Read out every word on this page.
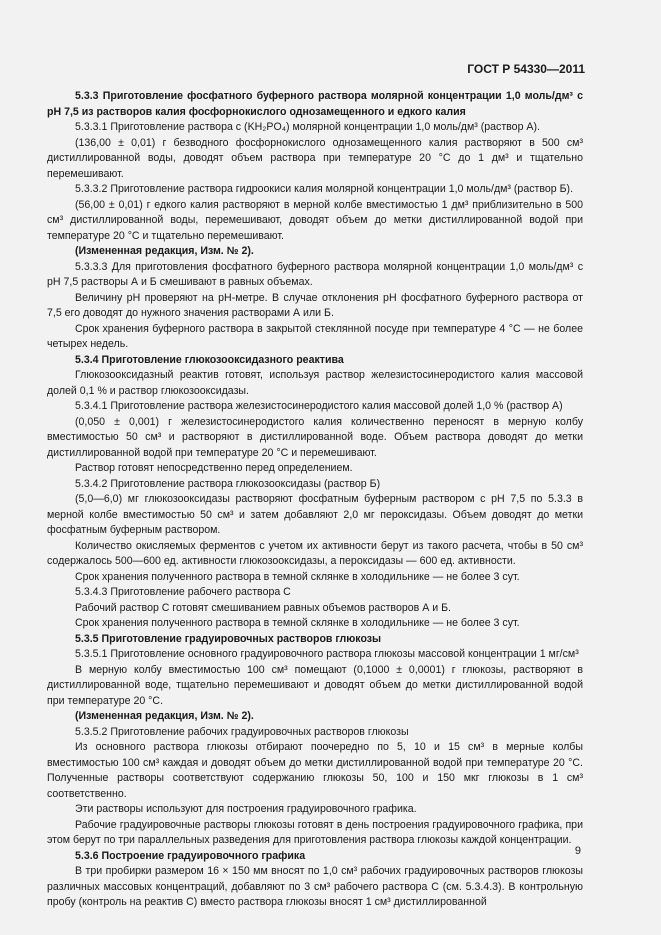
ГОСТ Р 54330—2011

5.3.3 Приготовление фосфатного буферного раствора молярной концентрации 1,0 моль/дм³ с pH 7,5 из растворов калия фосфорнокислого однозамещенного и едкого калия

5.3.3.1 Приготовление раствора с (KH₂PO₄) молярной концентрации 1,0 моль/дм³ (раствор А).

(136,00 ± 0,01) г безводного фосфорнокислого однозамещенного калия растворяют в 500 см³ дистиллированной воды, доводят объем раствора при температуре 20 °С до 1 дм³ и тщательно перемешивают.

5.3.3.2 Приготовление раствора гидроокиси калия молярной концентрации 1,0 моль/дм³ (раствор Б).

(56,00 ± 0,01) г едкого калия растворяют в мерной колбе вместимостью 1 дм³ приблизительно в 500 см³ дистиллированной воды, перемешивают, доводят объем до метки дистиллированной водой при температуре 20 °С и тщательно перемешивают.

(Измененная редакция, Изм. № 2).

5.3.3.3 Для приготовления фосфатного буферного раствора молярной концентрации 1,0 моль/дм³ с pH 7,5 растворы А и Б смешивают в равных объемах.

Величину pH проверяют на pH-метре. В случае отклонения pH фосфатного буферного раствора от 7,5 его доводят до нужного значения растворами А или Б.

Срок хранения буферного раствора в закрытой стеклянной посуде при температуре 4 °С — не более четырех недель.

5.3.4 Приготовление глюкозооксидазного реактива

Глюкозооксидазный реактив готовят, используя раствор железистосинеродистого калия массовой долей 0,1 % и раствор глюкозооксидазы.

5.3.4.1 Приготовление раствора железистосинеродистого калия массовой долей 1,0 % (раствор А)

(0,050 ± 0,001) г железистосинеродистого калия количественно переносят в мерную колбу вместимостью 50 см³ и растворяют в дистиллированной воде. Объем раствора доводят до метки дистиллированной водой при температуре 20 °С и перемешивают.

Раствор готовят непосредственно перед определением.

5.3.4.2 Приготовление раствора глюкозооксидазы (раствор Б)

(5,0—6,0) мг глюкозооксидазы растворяют фосфатным буферным раствором с pH 7,5 по 5.3.3 в мерной колбе вместимостью 50 см³ и затем добавляют 2,0 мг пероксидазы. Объем доводят до метки фосфатным буферным раствором.

Количество окисляемых ферментов с учетом их активности берут из такого расчета, чтобы в 50 см³ содержалось 500—600 ед. активности глюкозооксидазы, а пероксидазы — 600 ед. активности.

Срок хранения полученного раствора в темной склянке в холодильнике — не более 3 сут.

5.3.4.3 Приготовление рабочего раствора С

Рабочий раствор С готовят смешиванием равных объемов растворов А и Б.

Срок хранения полученного раствора в темной склянке в холодильнике — не более 3 сут.

5.3.5 Приготовление градуировочных растворов глюкозы

5.3.5.1 Приготовление основного градуировочного раствора глюкозы массовой концентрации 1 мг/см³

В мерную колбу вместимостью 100 см³ помещают (0,1000 ± 0,0001) г глюкозы, растворяют в дистиллированной воде, тщательно перемешивают и доводят объем до метки дистиллированной водой при температуре 20 °С.

(Измененная редакция, Изм. № 2).

5.3.5.2 Приготовление рабочих градуировочных растворов глюкозы

Из основного раствора глюкозы отбирают поочередно по 5, 10 и 15 см³ в мерные колбы вместимостью 100 см³ каждая и доводят объем до метки дистиллированной водой при температуре 20 °С. Полученные растворы соответствуют содержанию глюкозы 50, 100 и 150 мкг глюкозы в 1 см³ соответственно.

Эти растворы используют для построения градуировочного графика.

Рабочие градуировочные растворы глюкозы готовят в день построения градуировочного графика, при этом берут по три параллельных разведения для приготовления раствора глюкозы каждой концентрации.

5.3.6 Построение градуировочного графика

В три пробирки размером 16 × 150 мм вносят по 1,0 см³ рабочих градуировочных растворов глюкозы различных массовых концентраций, добавляют по 3 см³ рабочего раствора С (см. 5.3.4.3). В контрольную пробу (контроль на реактив С) вместо раствора глюкозы вносят 1 см³ дистиллированной

9
